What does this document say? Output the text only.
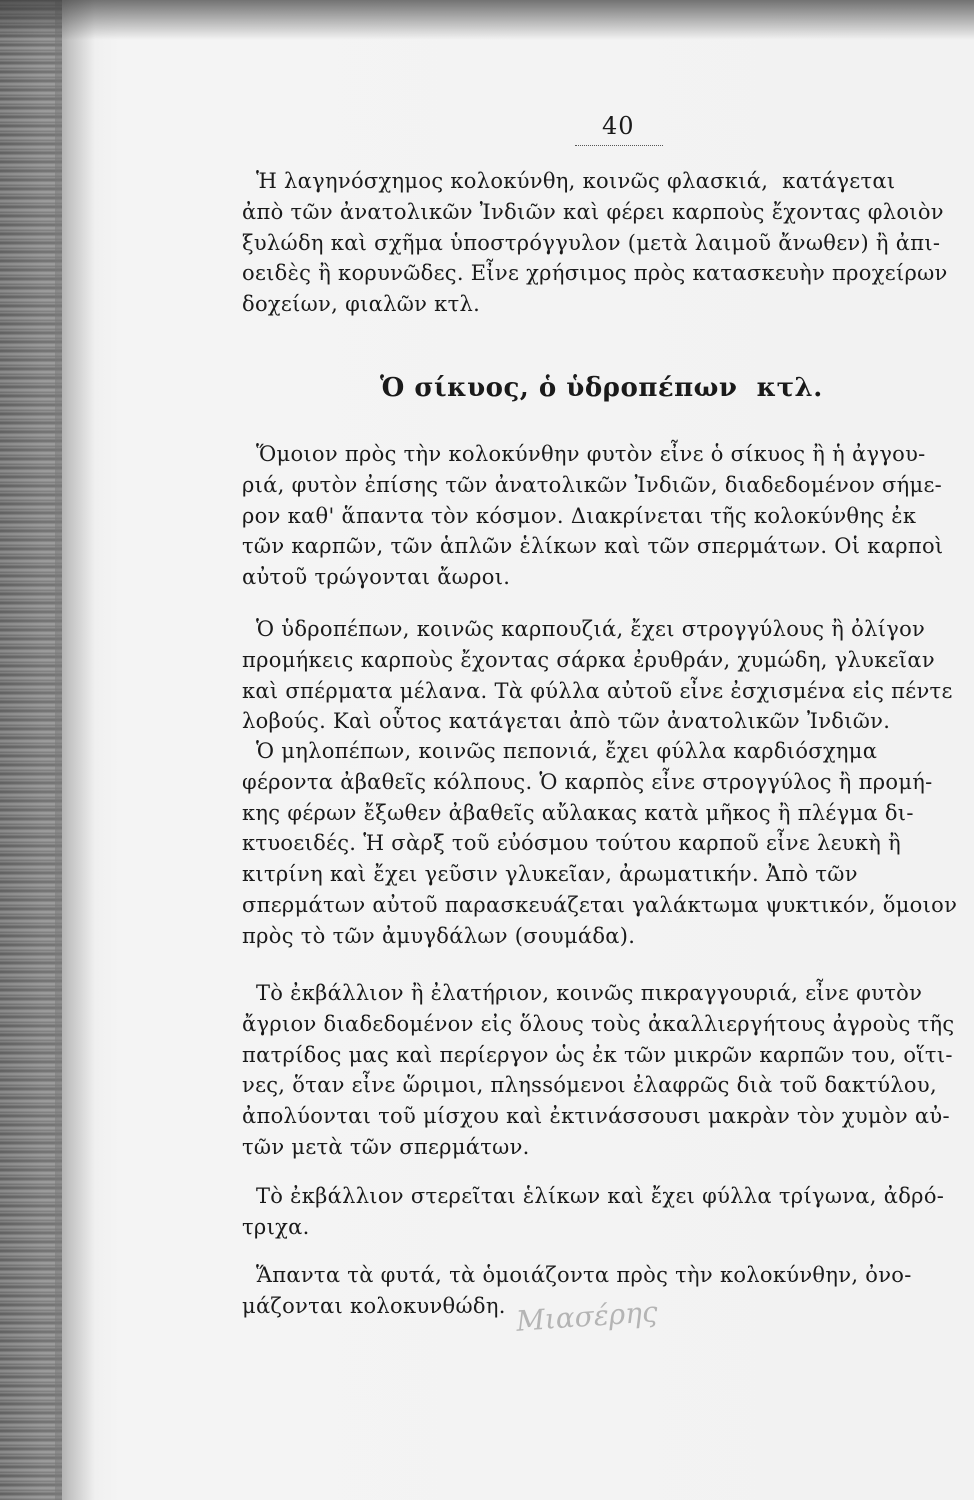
40
Ἡ λαγηνόσχημος κολοκύνθη, κοινῶς φλασκιά,  κατάγεται
ἀπὸ τῶν ἀνατολικῶν Ἰνδιῶν καὶ φέρει καρποὺς ἔχοντας φλοιὸν
ξυλώδη καὶ σχῆμα ὑποστρόγγυλον (μετὰ λαιμοῦ ἄνωθεν) ἢ ἀπι-
οειδὲς ἢ κορυνῶδες. Εἶνε χρήσιμος πρὸς κατασκευὴν προχείρων
δοχείων, φιαλῶν κτλ.
Ὁ σίκυος, ὁ ὑδροπέπων  κτλ.
Ὅμοιον πρὸς τὴν κολοκύνθην φυτὸν εἶνε ὁ σίκυος ἢ ἡ ἀγγου-
ριά, φυτὸν ἐπίσης τῶν ἀνατολικῶν Ἰνδιῶν, διαδεδομένον σήμε-
ρον καθ' ἅπαντα τὸν κόσμον. Διακρίνεται τῆς κολοκύνθης ἐκ
τῶν καρπῶν, τῶν ἁπλῶν ἑλίκων καὶ τῶν σπερμάτων. Οἱ καρποὶ
αὐτοῦ τρώγονται ἄωροι.
Ὁ ὑδροπέπων, κοινῶς καρπουζιά, ἔχει στρογγύλους ἢ ὀλίγον
προμήκεις καρποὺς ἔχοντας σάρκα ἐρυθράν, χυμώδη, γλυκεῖαν
καὶ σπέρματα μέλανα. Τὰ φύλλα αὐτοῦ εἶνε ἐσχισμένα εἰς πέντε
λοβούς. Καὶ οὗτος κατάγεται ἀπὸ τῶν ἀνατολικῶν Ἰνδιῶν.
Ὁ μηλοπέπων, κοινῶς πεπονιά, ἔχει φύλλα καρδιόσχημα
φέροντα ἀβαθεῖς κόλπους. Ὁ καρπὸς εἶνε στρογγύλος ἢ προμή-
κης φέρων ἔξωθεν ἀβαθεῖς αὔλακας κατὰ μῆκος ἢ πλέγμα δι-
κτυοειδές. Ἡ σὰρξ τοῦ εὐόσμου τούτου καρποῦ εἶνε λευκὴ ἢ
κιτρίνη καὶ ἔχει γεῦσιν γλυκεῖαν, ἀρωματικήν. Ἀπὸ τῶν
σπερμάτων αὐτοῦ παρασκευάζεται γαλάκτωμα ψυκτικόν, ὅμοιον
πρὸς τὸ τῶν ἀμυγδάλων (σουμάδα).
Τὸ ἐκβάλλιον ἢ ἐλατήριον, κοινῶς πικραγγουριά, εἶνε φυτὸν
ἄγριον διαδεδομένον εἰς ὅλους τοὺς ἀκαλλιεργήτους ἀγροὺς τῆς
πατρίδος μας καὶ περίεργον ὡς ἐκ τῶν μικρῶν καρπῶν του, οἵτι-
νες, ὅταν εἶνε ὥριμοι, πληssόμενοι ἐλαφρῶς διὰ τοῦ δακτύλου,
ἀπολύονται τοῦ μίσχου καὶ ἐκτινάσσουσι μακρὰν τὸν χυμὸν αὐ-
τῶν μετὰ τῶν σπερμάτων.
Τὸ ἐκβάλλιον στερεῖται ἑλίκων καὶ ἔχει φύλλα τρίγωνα, ἀδρό-
τριχα.
Ἅπαντα τὰ φυτά, τὰ ὁμοιάζοντα πρὸς τὴν κολοκύνθην, ὀνο-
μάζονται κολοκυνθώδη. Μιασέρης
